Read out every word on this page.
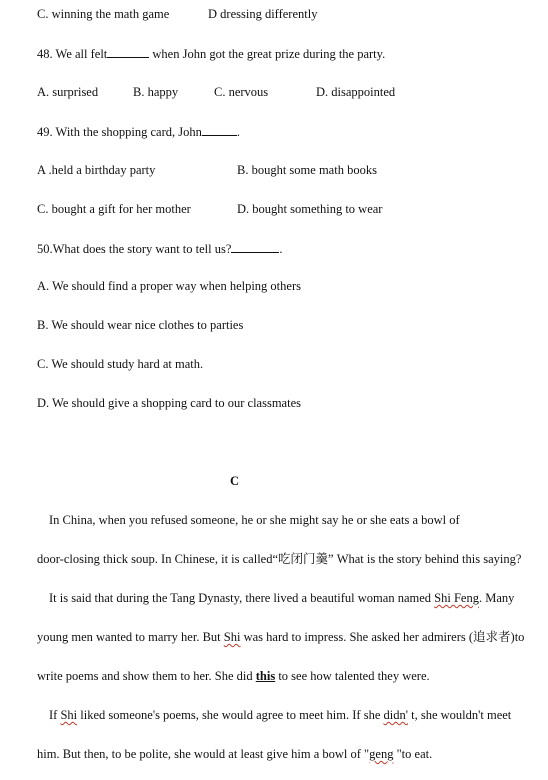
C. winning the math game	D dressing differently
48. We all felt	when John got the great prize during the party.
A. surprised	B. happy	C. nervous	D. disappointed
49. With the shopping card, John	.
A .held a birthday party	B. bought some math books
C. bought a gift for her mother	D. bought something to wear
50.What does the story want to tell us?	.
A. We should find a proper way when helping others
B. We should wear nice clothes to parties
C. We should study hard at math.
D. We should give a shopping card to our classmates
C
In China, when you refused someone, he or she might say he or she eats a bowl of
door-closing thick soup. In Chinese, it is called“吃闭门羹” What is the story behind this saying?
It is said that during the Tang Dynasty, there lived a beautiful woman named Shi Feng. Many
young men wanted to marry her. But Shi was hard to impress. She asked her admirers (追求者)to
write poems and show them to her. She did this to see how talented they were.
If Shi liked someone's poems, she would agree to meet him. If she didn' t, she wouldn't meet
him. But then, to be polite, she would at least give him a bowl of "geng "to eat.
